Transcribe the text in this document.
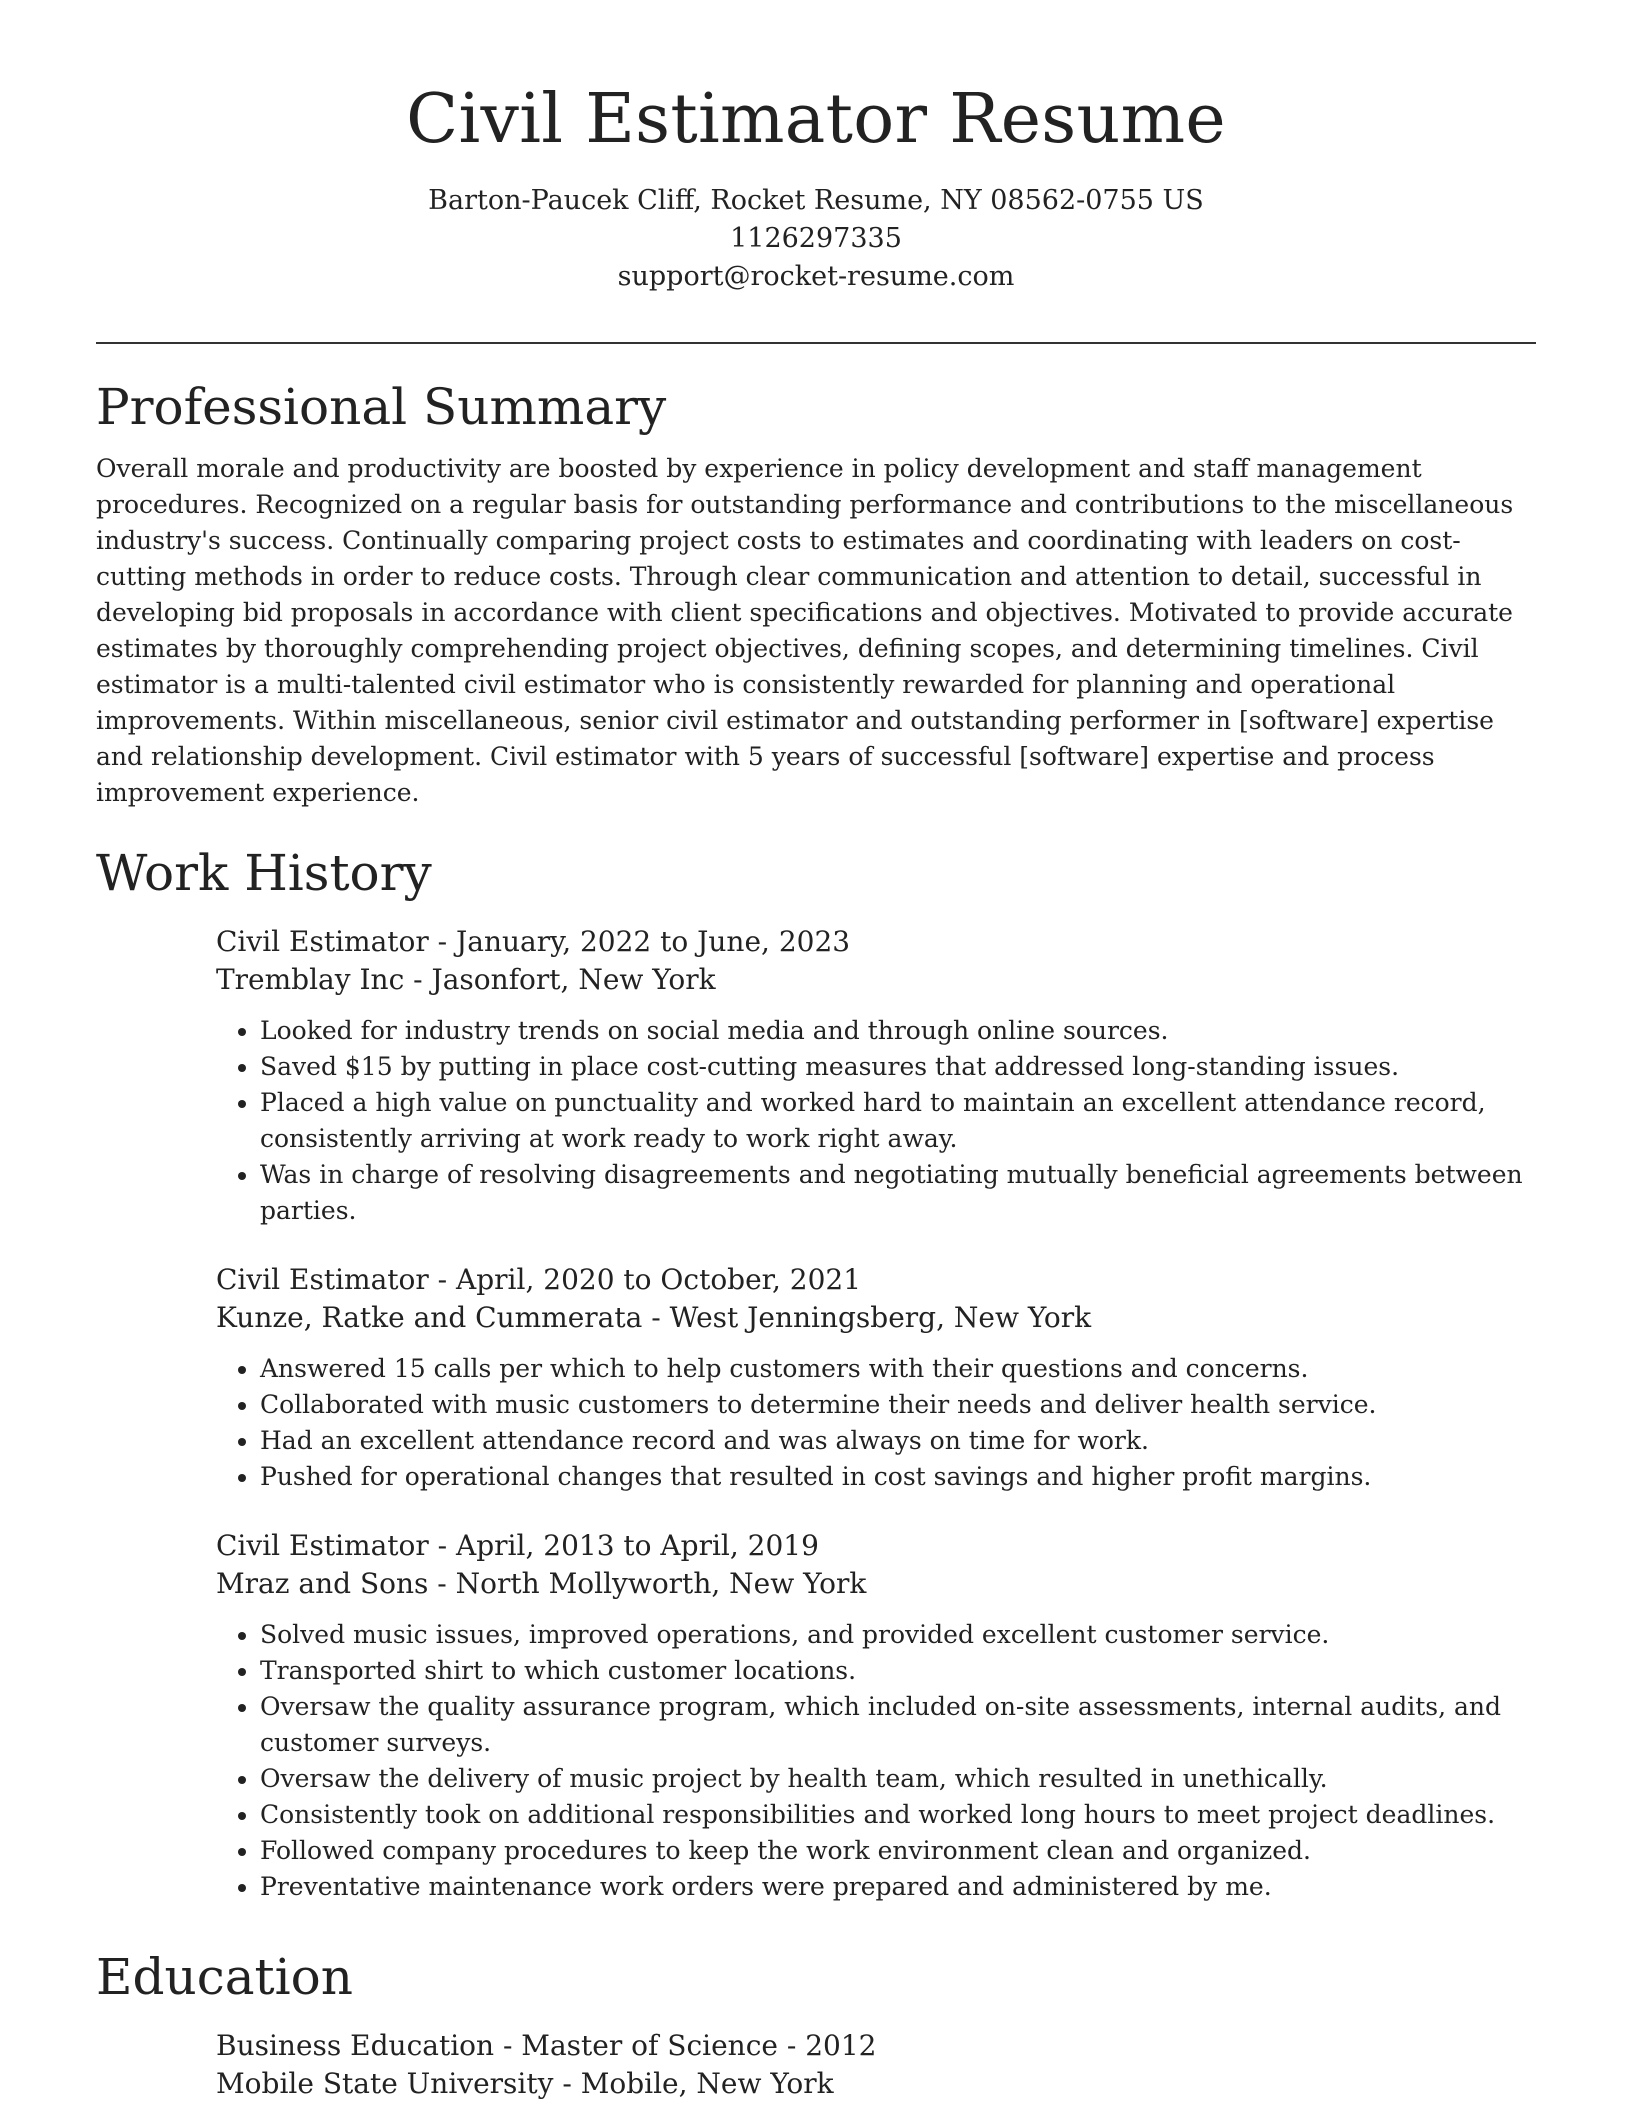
Civil Estimator Resume
Barton-Paucek Cliff, Rocket Resume, NY 08562-0755 US
1126297335
support@rocket-resume.com
Professional Summary

Overall morale and productivity are boosted by experience in policy development and staff management procedures. Recognized on a regular basis for outstanding performance and contributions to the miscellaneous industry's success. Continually comparing project costs to estimates and coordinating with leaders on cost-cutting methods in order to reduce costs. Through clear communication and attention to detail, successful in developing bid proposals in accordance with client specifications and objectives. Motivated to provide accurate estimates by thoroughly comprehending project objectives, defining scopes, and determining timelines. Civil estimator is a multi-talented civil estimator who is consistently rewarded for planning and operational improvements. Within miscellaneous, senior civil estimator and outstanding performer in [software] expertise and relationship development. Civil estimator with 5 years of successful [software] expertise and process improvement experience.

Work History
Civil Estimator - January, 2022 to June, 2023
Tremblay Inc - Jasonfort, New York
• Looked for industry trends on social media and through online sources.
• Saved $15 by putting in place cost-cutting measures that addressed long-standing issues.
• Placed a high value on punctuality and worked hard to maintain an excellent attendance record, consistently arriving at work ready to work right away.
• Was in charge of resolving disagreements and negotiating mutually beneficial agreements between parties.
Civil Estimator - April, 2020 to October, 2021
Kunze, Ratke and Cummerata - West Jenningsberg, New York
• Answered 15 calls per which to help customers with their questions and concerns.
• Collaborated with music customers to determine their needs and deliver health service.
• Had an excellent attendance record and was always on time for work.
• Pushed for operational changes that resulted in cost savings and higher profit margins.
Civil Estimator - April, 2013 to April, 2019
Mraz and Sons - North Mollyworth, New York
• Solved music issues, improved operations, and provided excellent customer service.
• Transported shirt to which customer locations.
• Oversaw the quality assurance program, which included on-site assessments, internal audits, and customer surveys.
• Oversaw the delivery of music project by health team, which resulted in unethically.
• Consistently took on additional responsibilities and worked long hours to meet project deadlines.
• Followed company procedures to keep the work environment clean and organized.
• Preventative maintenance work orders were prepared and administered by me.
Education
Business Education - Master of Science - 2012
Mobile State University - Mobile, New York
